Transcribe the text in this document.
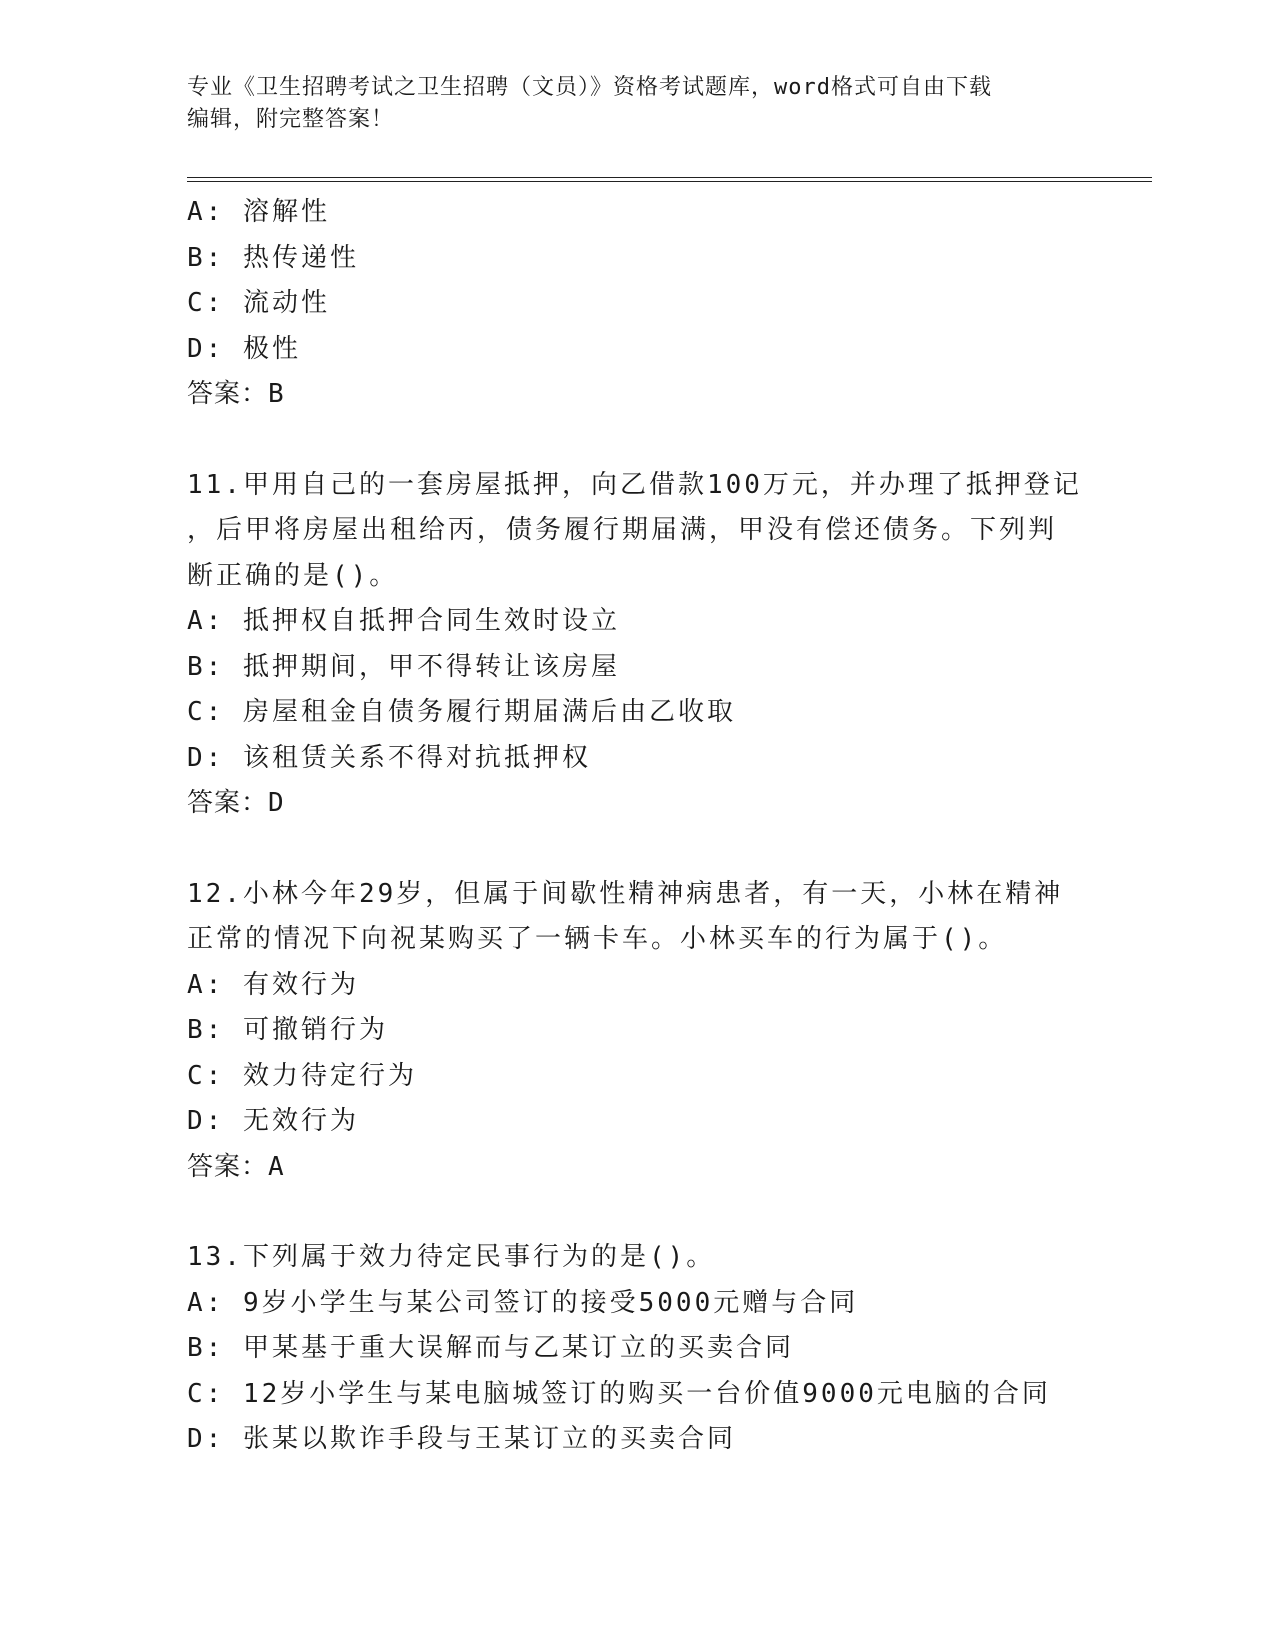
专业《卫生招聘考试之卫生招聘（文员）》资格考试题库，word格式可自由下载
编辑，附完整答案！
A: 溶解性
B: 热传递性
C: 流动性
D: 极性
答案：B
11.甲用自己的一套房屋抵押，向乙借款100万元，并办理了抵押登记
，后甲将房屋出租给丙，债务履行期届满，甲没有偿还债务。下列判
断正确的是()。
A: 抵押权自抵押合同生效时设立
B: 抵押期间，甲不得转让该房屋
C: 房屋租金自债务履行期届满后由乙收取
D: 该租赁关系不得对抗抵押权
答案：D
12.小林今年29岁，但属于间歇性精神病患者，有一天，小林在精神
正常的情况下向祝某购买了一辆卡车。小林买车的行为属于()。
A: 有效行为
B: 可撤销行为
C: 效力待定行为
D: 无效行为
答案：A
13.下列属于效力待定民事行为的是()。
A: 9岁小学生与某公司签订的接受5000元赠与合同
B: 甲某基于重大误解而与乙某订立的买卖合同
C: 12岁小学生与某电脑城签订的购买一台价值9000元电脑的合同
D: 张某以欺诈手段与王某订立的买卖合同
